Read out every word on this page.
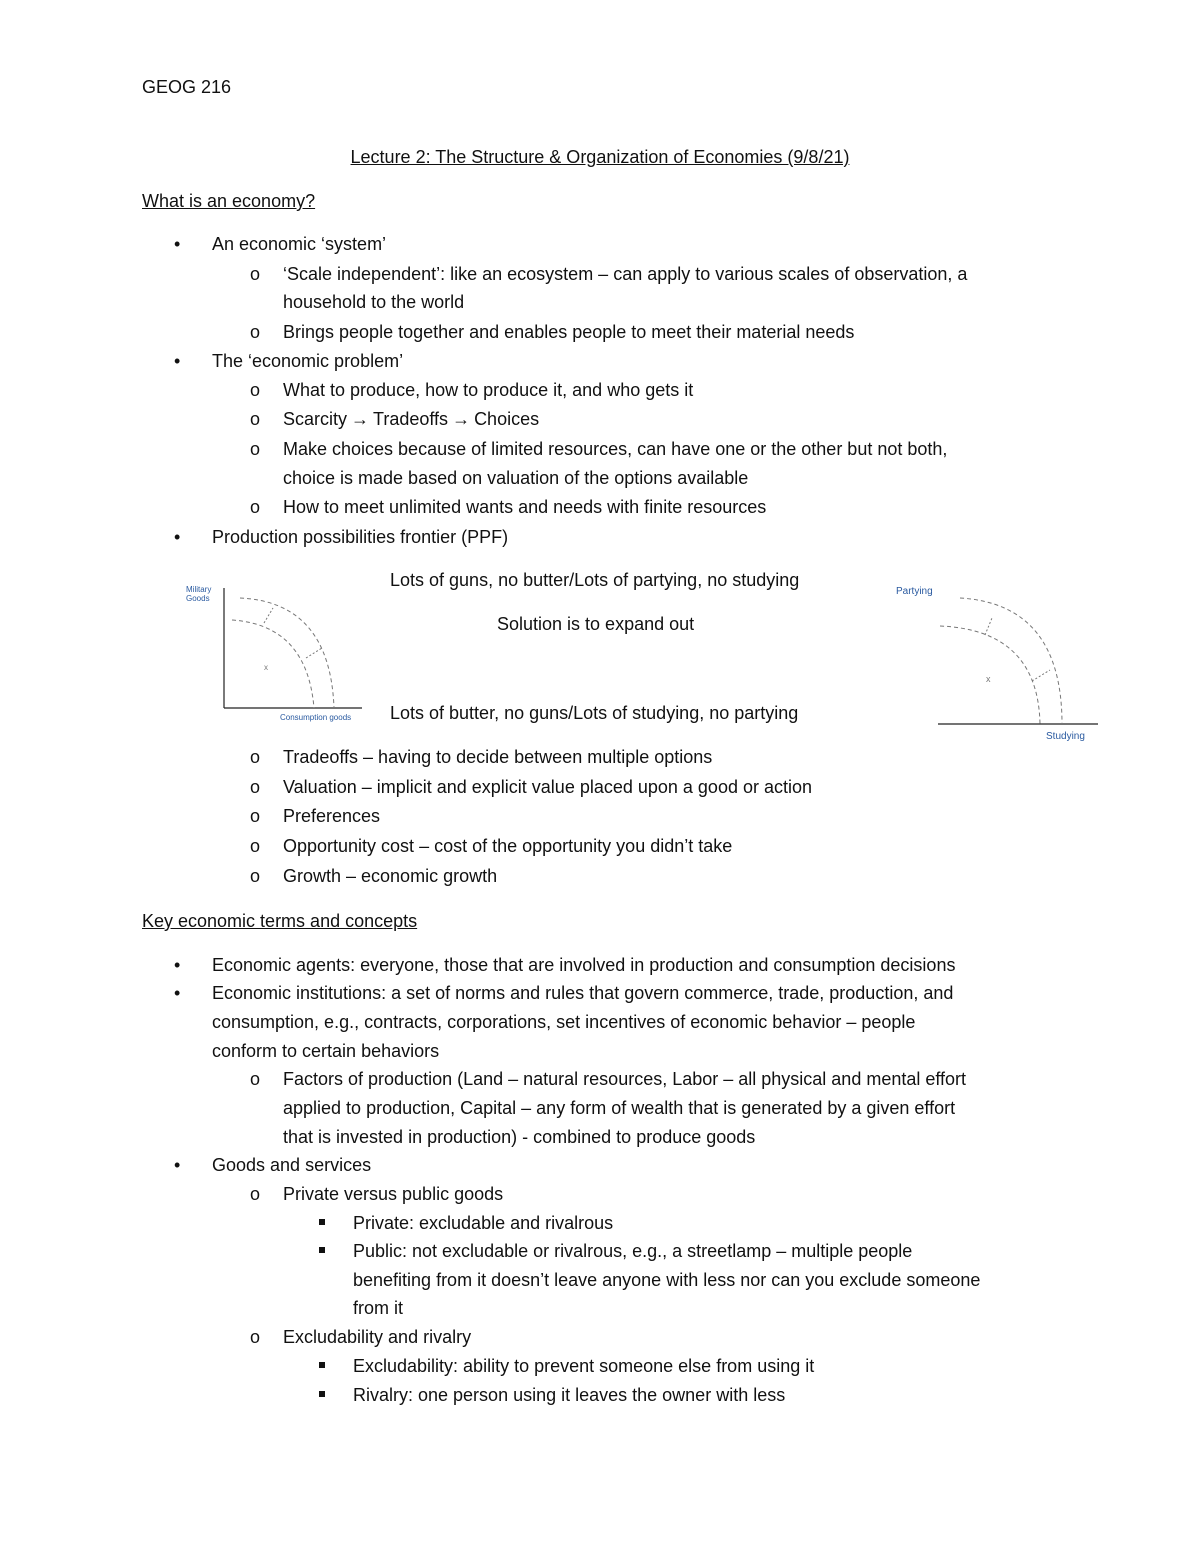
GEOG 216
Lecture 2: The Structure & Organization of Economies (9/8/21)
What is an economy?
• An economic ‘system’
o ‘Scale independent’: like an ecosystem – can apply to various scales of observation, a
household to the world
o Brings people together and enables people to meet their material needs
• The ‘economic problem’
o What to produce, how to produce it, and who gets it
o Scarcity → Tradeoffs → Choices
o Make choices because of limited resources, can have one or the other but not both,
choice is made based on valuation of the options available
o How to meet unlimited wants and needs with finite resources
• Production possibilities frontier (PPF)
Military
Goods
Consumption goods
x
Lots of guns, no butter/Lots of partying, no studying
Solution is to expand out
Lots of butter, no guns/Lots of studying, no partying
Partying
Studying
x
o Tradeoffs – having to decide between multiple options
o Valuation – implicit and explicit value placed upon a good or action
o Preferences
o Opportunity cost – cost of the opportunity you didn’t take
o Growth – economic growth
Key economic terms and concepts
• Economic agents: everyone, those that are involved in production and consumption decisions
• Economic institutions: a set of norms and rules that govern commerce, trade, production, and
consumption, e.g., contracts, corporations, set incentives of economic behavior – people
conform to certain behaviors
o Factors of production (Land – natural resources, Labor – all physical and mental effort
applied to production, Capital – any form of wealth that is generated by a given effort
that is invested in production) - combined to produce goods
• Goods and services
o Private versus public goods
Private: excludable and rivalrous
Public: not excludable or rivalrous, e.g., a streetlamp – multiple people
benefiting from it doesn’t leave anyone with less nor can you exclude someone
from it
o Excludability and rivalry
Excludability: ability to prevent someone else from using it
Rivalry: one person using it leaves the owner with less
